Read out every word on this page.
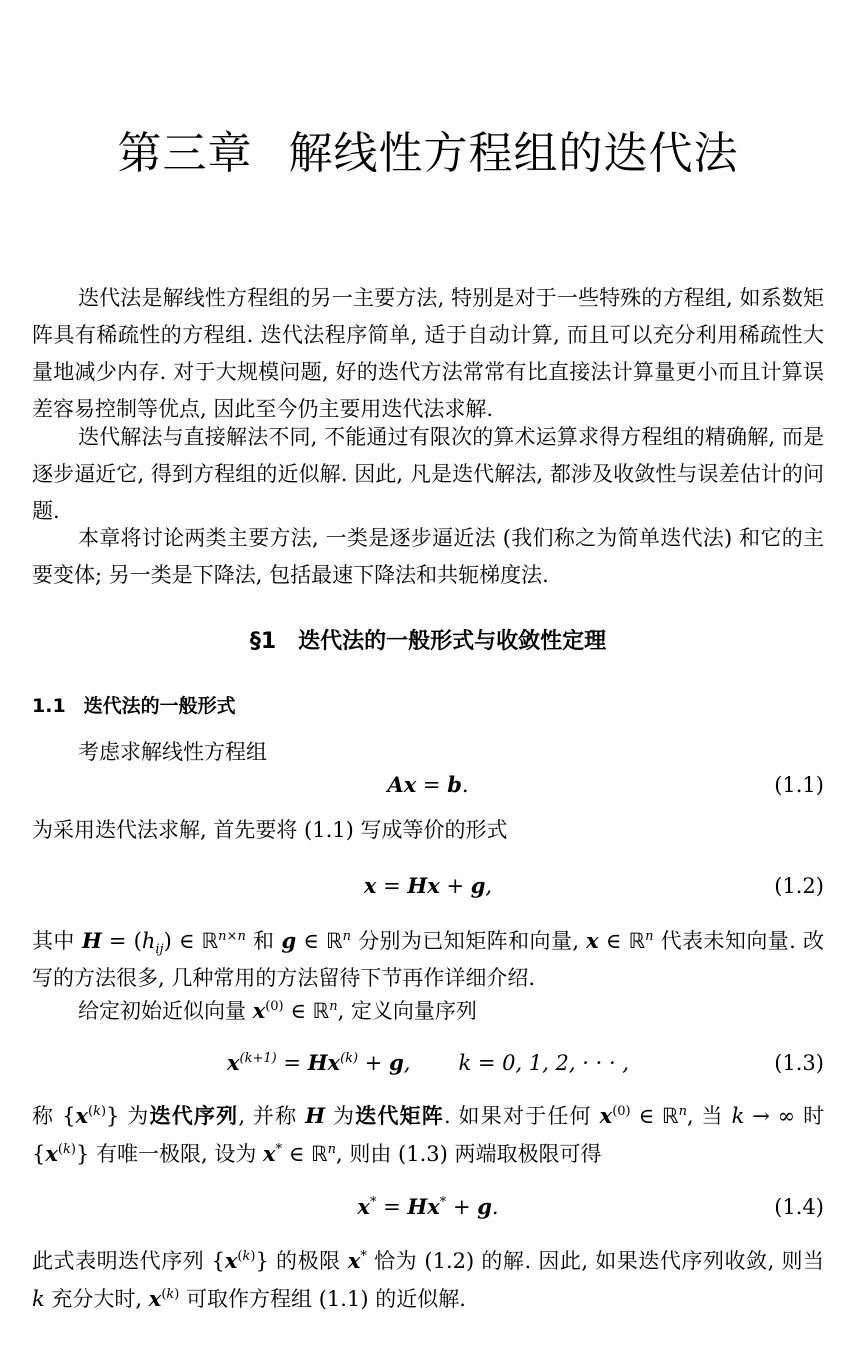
第三章 解线性方程组的迭代法
迭代法是解线性方程组的另一主要方法, 特别是对于一些特殊的方程组, 如系数矩阵具有稀疏性的方程组. 迭代法程序简单, 适于自动计算, 而且可以充分利用稀疏性大量地减少内存. 对于大规模问题, 好的迭代方法常常有比直接法计算量更小而且计算误差容易控制等优点, 因此至今仍主要用迭代法求解.
迭代解法与直接解法不同, 不能通过有限次的算术运算求得方程组的精确解, 而是逐步逼近它, 得到方程组的近似解. 因此, 凡是迭代解法, 都涉及收敛性与误差估计的问题.
本章将讨论两类主要方法, 一类是逐步逼近法 (我们称之为简单迭代法) 和它的主要变体; 另一类是下降法, 包括最速下降法和共轭梯度法.
§1 迭代法的一般形式与收敛性定理
1.1 迭代法的一般形式
考虑求解线性方程组
Ax = b.	(1.1)
为采用迭代法求解, 首先要将 (1.1) 写成等价的形式
x = Hx + g,	(1.2)
其中 $H = (h_{ij})$ ∈ ℝ$^{n\times n}$ 和 g ∈ ℝ$^n$ 分别为已知矩阵和向量, x ∈ ℝ$^n$ 代表未知向量. 改写的方法很多, 几种常用的方法留待下节再作详细介绍.
给定初始近似向量 $x^{(0)}$ ∈ ℝ$^n$, 定义向量序列
$x^{(k+1)} = Hx^{(k)} + g$, k = 0, 1, 2, · · · ,	(1.3)
称 $\{x^{(k)}\}$ 为迭代序列, 并称 H 为迭代矩阵. 如果对于任何 $x^{(0)}$ ∈ ℝ$^n$, 当 k → ∞ 时 $\{x^{(k)}\}$ 有唯一极限, 设为 x* ∈ ℝ$^n$, 则由 (1.3) 两端取极限可得
x* = Hx* + g.	(1.4)
此式表明迭代序列 $\{x^{(k)}\}$ 的极限 x* 恰为 (1.2) 的解. 因此, 如果迭代序列收敛, 则当 k 充分大时, $x^{(k)}$ 可取作方程组 (1.1) 的近似解.
